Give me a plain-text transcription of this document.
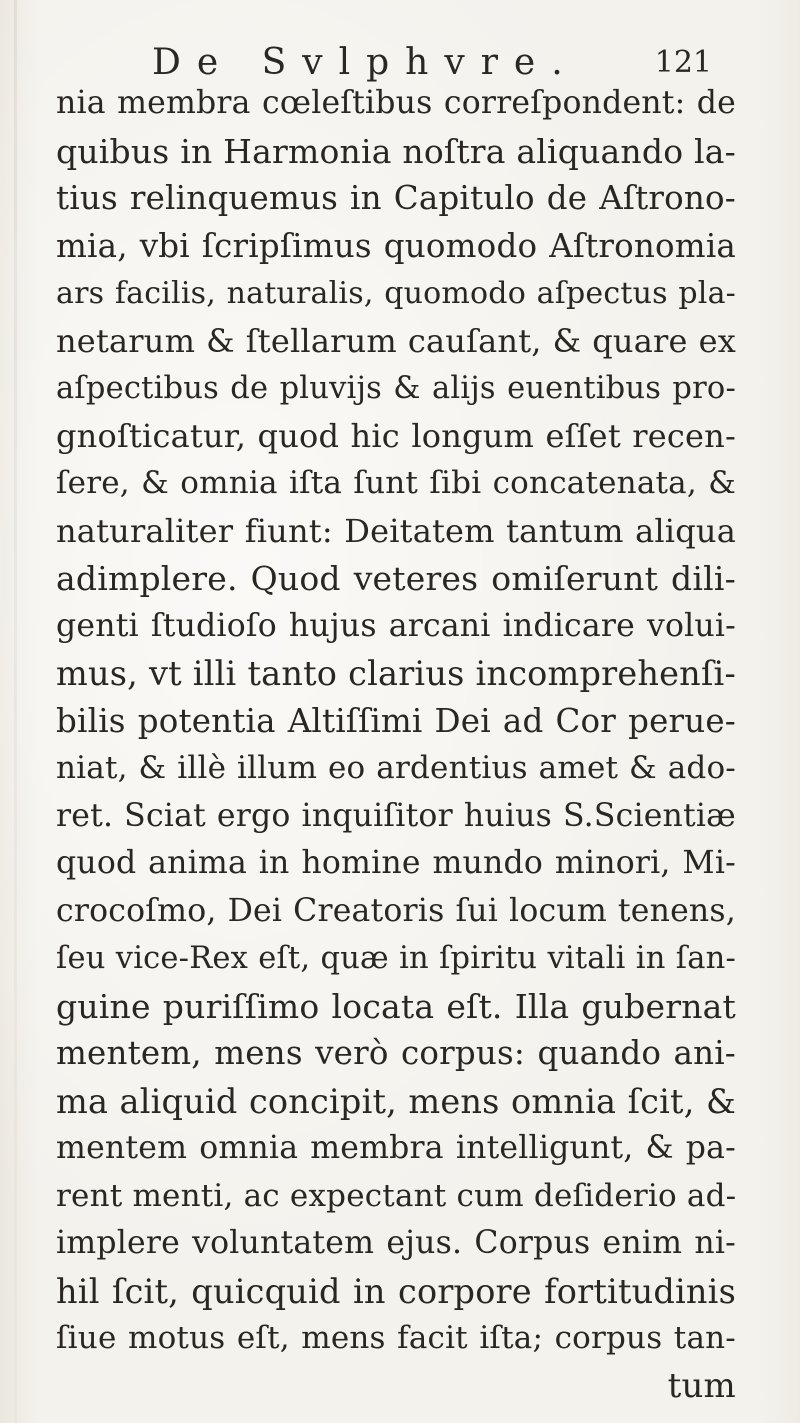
De Svlphvre.	121
nia membra cœleſtibus correſpondent: de
quibus in Harmonia noſtra aliquando la-
tius relinquemus in Capitulo de Aſtrono-
mia, vbi ſcripſimus quomodo Aſtronomia
ars facilis, naturalis, quomodo aſpectus pla-
netarum & ſtellarum cauſant, & quare ex
aſpectibus de pluvijs & alijs euentibus pro-
gnoſticatur, quod hic longum eſſet recen-
ſere, & omnia iſta ſunt ſibi concatenata, &
naturaliter fiunt: Deitatem tantum aliqua
adimplere. Quod veteres omiſerunt dili-
genti ſtudioſo hujus arcani indicare volui-
mus, vt illi tanto clarius incomprehenſi-
bilis potentia Altiſſimi Dei ad Cor perue-
niat, & illè illum eo ardentius amet & ado-
ret. Sciat ergo inquiſitor huius S.Scientiæ
quod anima in homine mundo minori, Mi-
crocoſmo, Dei Creatoris ſui locum tenens,
ſeu vice-Rex eſt, quæ in ſpiritu vitali in ſan-
guine puriſſimo locata eſt. Illa gubernat
mentem, mens verò corpus: quando ani-
ma aliquid concipit, mens omnia ſcit, &
mentem omnia membra intelligunt, & pa-
rent menti, ac expectant cum deſiderio ad-
implere voluntatem ejus. Corpus enim ni-
hil ſcit, quicquid in corpore fortitudinis
ſiue motus eſt, mens facit iſta; corpus tan-
tum
